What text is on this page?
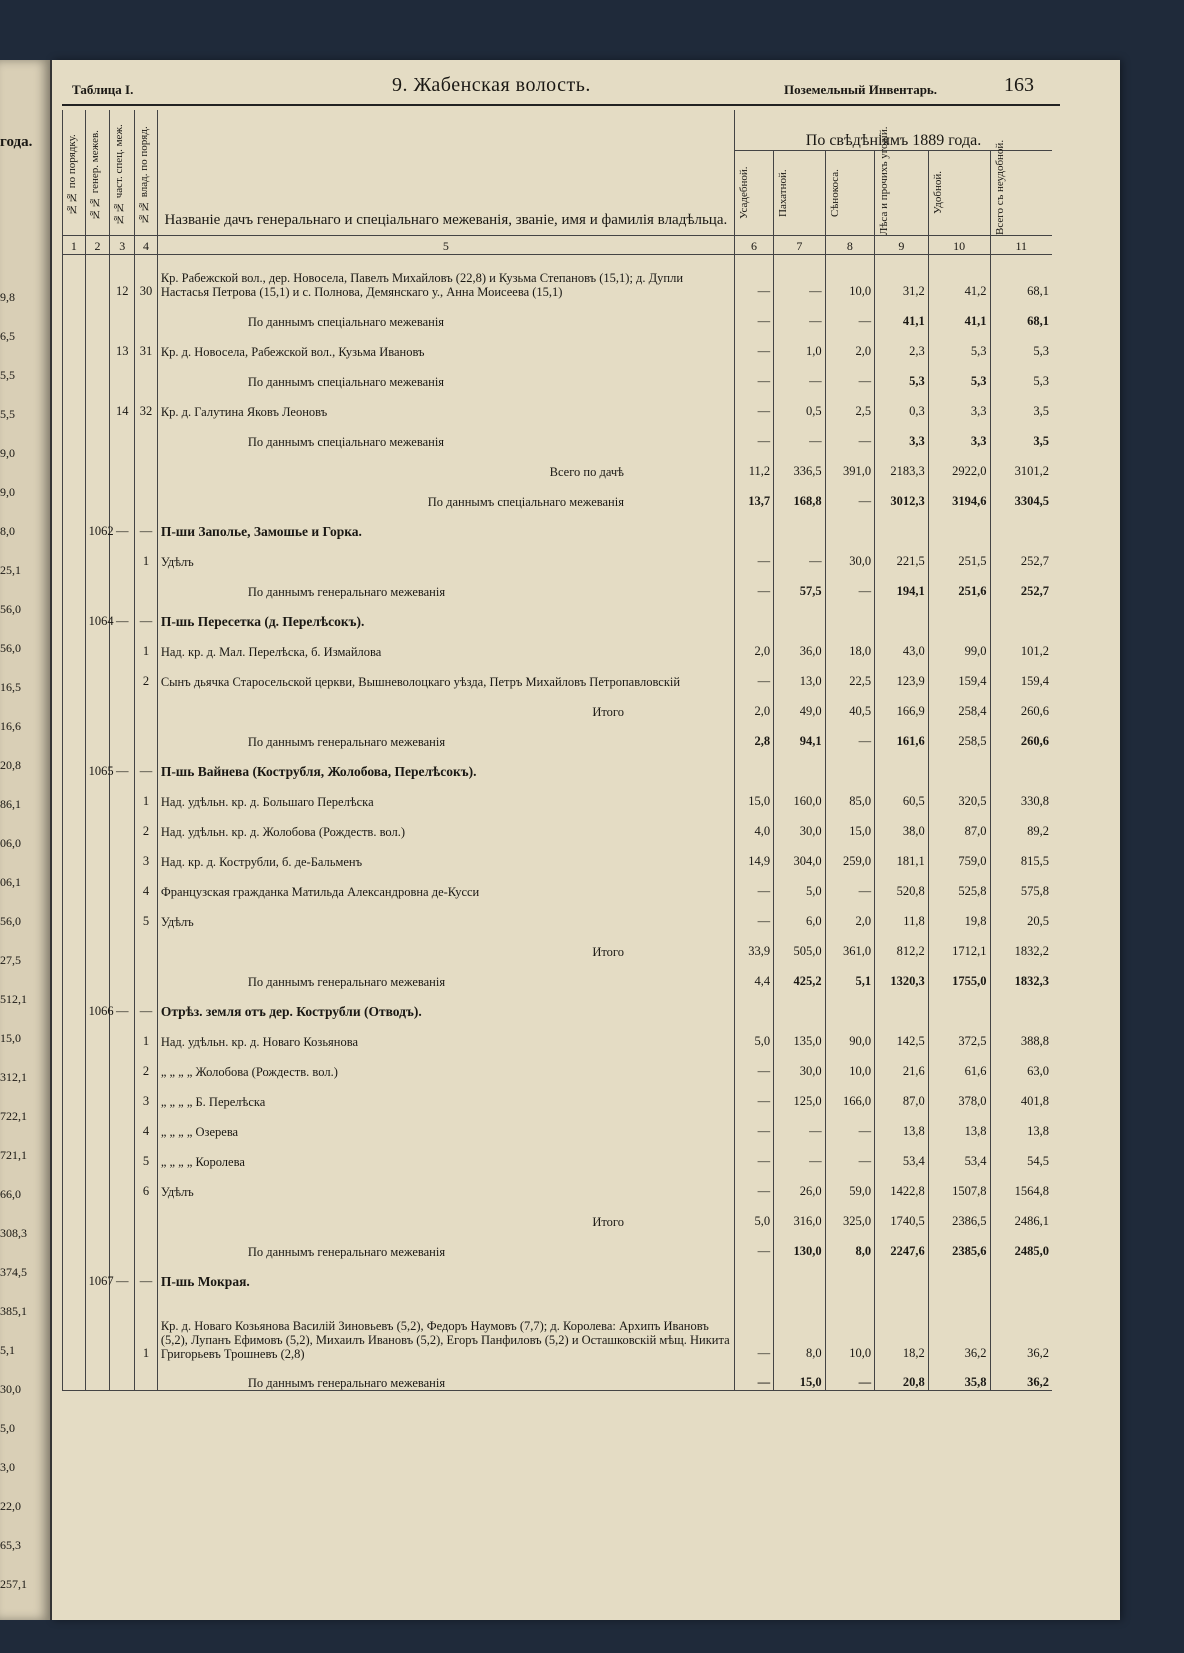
года.
9,8
6,5
5,5
5,5
9,0
9,0
8,0
25,1
56,0
56,0
16,5
16,6
20,8
86,1
06,0
06,1
56,0
27,5
512,1
15,0
312,1
722,1
721,1
66,0
308,3
374,5
385,1
5,1
30,0
5,0
3,0
22,0
65,3
257,1
Таблица I.	9. Жабенская волость.	Поземельный Инвентарь.	163
№№ по порядку.	№№ генер. межев.	№№ част. спец. меж.	№№ влад. по поряд.	Названіе дачъ генеральнаго и спеціальнаго межеванія, званіе, имя и фамилія владѣльца.	По свѣдѣніямъ 1889 года.					

					Усадебной.	Пахатной.	Сѣнокоса.	Лѣса и прочихъ угодій.	Удобной.	Всего съ неудобной.

1	2	3	4	5	6	7	8	9	10	11
		12	30	Кр. Рабежской вол., дер. Новосела, Павелъ Михайловъ (22,8) и Кузьма Степановъ (15,1); д. Дупли Настасья Петрова (15,1) и с. Полнова, Демянскаго у., Анна Моисеева (15,1)	—	—	10,0	31,2	41,2	68,1
				По даннымъ спеціальнаго межеванія	—	—	—	41,1	41,1	68,1
		13	31	Кр. д. Новосела, Рабежской вол., Кузьма Ивановъ	—	1,0	2,0	2,3	5,3	5,3
				По даннымъ спеціальнаго межеванія	—	—	—	5,3	5,3	5,3
		14	32	Кр. д. Галутина Яковъ Леоновъ	—	0,5	2,5	0,3	3,3	3,5
				По даннымъ спеціальнаго межеванія	—	—	—	3,3	3,3	3,5
				Всего по дачѣ	11,2	336,5	391,0	2183,3	2922,0	3101,2
				По даннымъ спеціальнаго межеванія	13,7	168,8	—	3012,3	3194,6	3304,5
	1062	—	—	П-ши Заполье, Замошье и Горка.						
			1	Удѣлъ	—	—	30,0	221,5	251,5	252,7
				По даннымъ генеральнаго межеванія	—	57,5	—	194,1	251,6	252,7
	1064	—	—	П-шь Пересетка (д. Перелѣсокъ).						
			1	Над. кр. д. Мал. Перелѣска, б. Измайлова	2,0	36,0	18,0	43,0	99,0	101,2
			2	Сынъ дьячка Старосельской церкви, Вышневолоцкаго уѣзда, Петръ Михайловъ Петропавловскій	—	13,0	22,5	123,9	159,4	159,4
				Итого	2,0	49,0	40,5	166,9	258,4	260,6
				По даннымъ генеральнаго межеванія	2,8	94,1	—	161,6	258,5	260,6
	1065	—	—	П-шь Вайнева (Кострубля, Жолобова, Перелѣсокъ).						
			1	Над. удѣльн. кр. д. Большаго Перелѣска	15,0	160,0	85,0	60,5	320,5	330,8
			2	Над. удѣльн. кр. д. Жолобова (Рождеств. вол.)	4,0	30,0	15,0	38,0	87,0	89,2
			3	Над. кр. д. Кострубли, б. де-Бальменъ	14,9	304,0	259,0	181,1	759,0	815,5
			4	Французская гражданка Матильда Александровна де-Кусси	—	5,0	—	520,8	525,8	575,8
			5	Удѣлъ	—	6,0	2,0	11,8	19,8	20,5
				Итого	33,9	505,0	361,0	812,2	1712,1	1832,2
				По даннымъ генеральнаго межеванія	4,4	425,2	5,1	1320,3	1755,0	1832,3
	1066	—	—	Отрѣз. земля отъ дер. Кострубли (Отводъ).						
			1	Над. удѣльн. кр. д. Новаго Козьянова	5,0	135,0	90,0	142,5	372,5	388,8
			2	„ „ „ „ Жолобова (Рождеств. вол.)	—	30,0	10,0	21,6	61,6	63,0
			3	„ „ „ „ Б. Перелѣска	—	125,0	166,0	87,0	378,0	401,8
			4	„ „ „ „ Озерева	—	—	—	13,8	13,8	13,8
			5	„ „ „ „ Королева	—	—	—	53,4	53,4	54,5
			6	Удѣлъ	—	26,0	59,0	1422,8	1507,8	1564,8
				Итого	5,0	316,0	325,0	1740,5	2386,5	2486,1
				По даннымъ генеральнаго межеванія	—	130,0	8,0	2247,6	2385,6	2485,0
	1067	—	—	П-шь Мокрая.						
			1	Кр. д. Новаго Козьянова Василій Зиновьевъ (5,2), Федоръ Наумовъ (7,7); д. Королева: Архипъ Ивановъ (5,2), Лупанъ Ефимовъ (5,2), Михаилъ Ивановъ (5,2), Егоръ Панфиловъ (5,2) и Осташковскій мѣщ. Никита Григорьевъ Трошневъ (2,8)	—	8,0	10,0	18,2	36,2	36,2
				По даннымъ генеральнаго межеванія	—	15,0	—	20,8	35,8	36,2
